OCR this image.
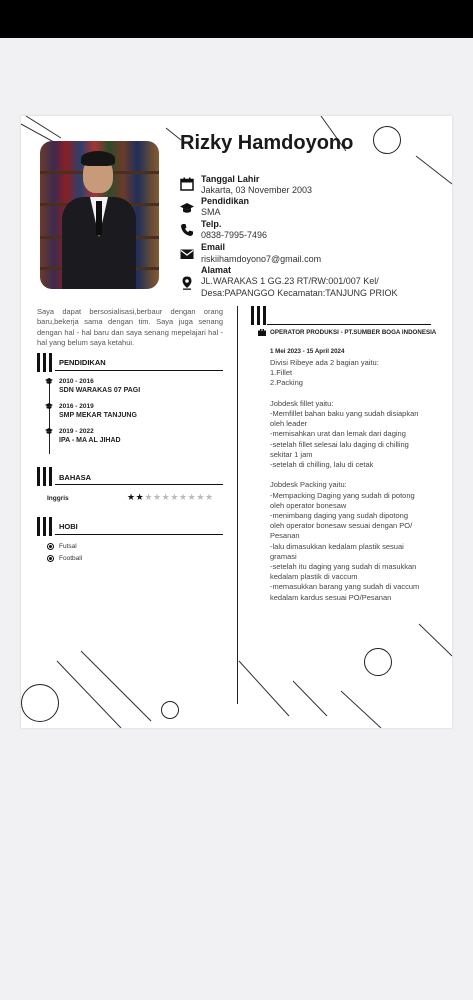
Rizky Hamdoyono
Tanggal Lahir
Jakarta, 03 November 2003
Pendidikan
SMA
Telp.
0838-7995-7496
Email
riskiihamdoyono7@gmail.com
Alamat
JL.WARAKAS 1 GG.23 RT/RW:001/007 Kel/
Desa:PAPANGGO Kecamatan:TANJUNG PRIOK
Saya dapat bersosialisasi,berbaur dengan orang baru,bekerja sama dengan tim. Saya juga senang dengan hal - hal baru dan saya senang mepelajari hal - hal yang belum saya ketahui.
PENDIDIKAN
2010 - 2016
SDN WARAKAS 07 PAGI
2016 - 2019
SMP MEKAR TANJUNG
2019 - 2022
IPA - MA AL JIHAD
BAHASA
Inggris	★★★★★★★★★★
HOBI
Futsal
Football
OPERATOR PRODUKSI - PT.SUMBER BOGA INDONESIA
1 Mei 2023 - 15 April 2024
Divisi Ribeye ada 2 bagian yaitu:
1.Fillet
2.Packing

Jobdesk fillet yaitu:
-Memfillet bahan baku yang sudah disiapkan
oleh leader
-memisahkan urat dan lemak dari daging
-setelah fillet selesai lalu daging di chilling
sekitar 1 jam
-setelah di chilling, lalu di cetak

Jobdesk Packing yaitu:
-Mempacking Daging yang sudah di potong
oleh operator bonesaw
-menimbang daging yang sudah dipotong
oleh operator bonesaw sesuai dengan PO/
Pesanan
-lalu dimasukkan kedalam plastik sesuai
gramasi
-setelah itu daging yang sudah di masukkan
kedalam plastik di vaccum
-memasukkan barang yang sudah di vaccum
kedalam kardus sesuai PO/Pesanan
